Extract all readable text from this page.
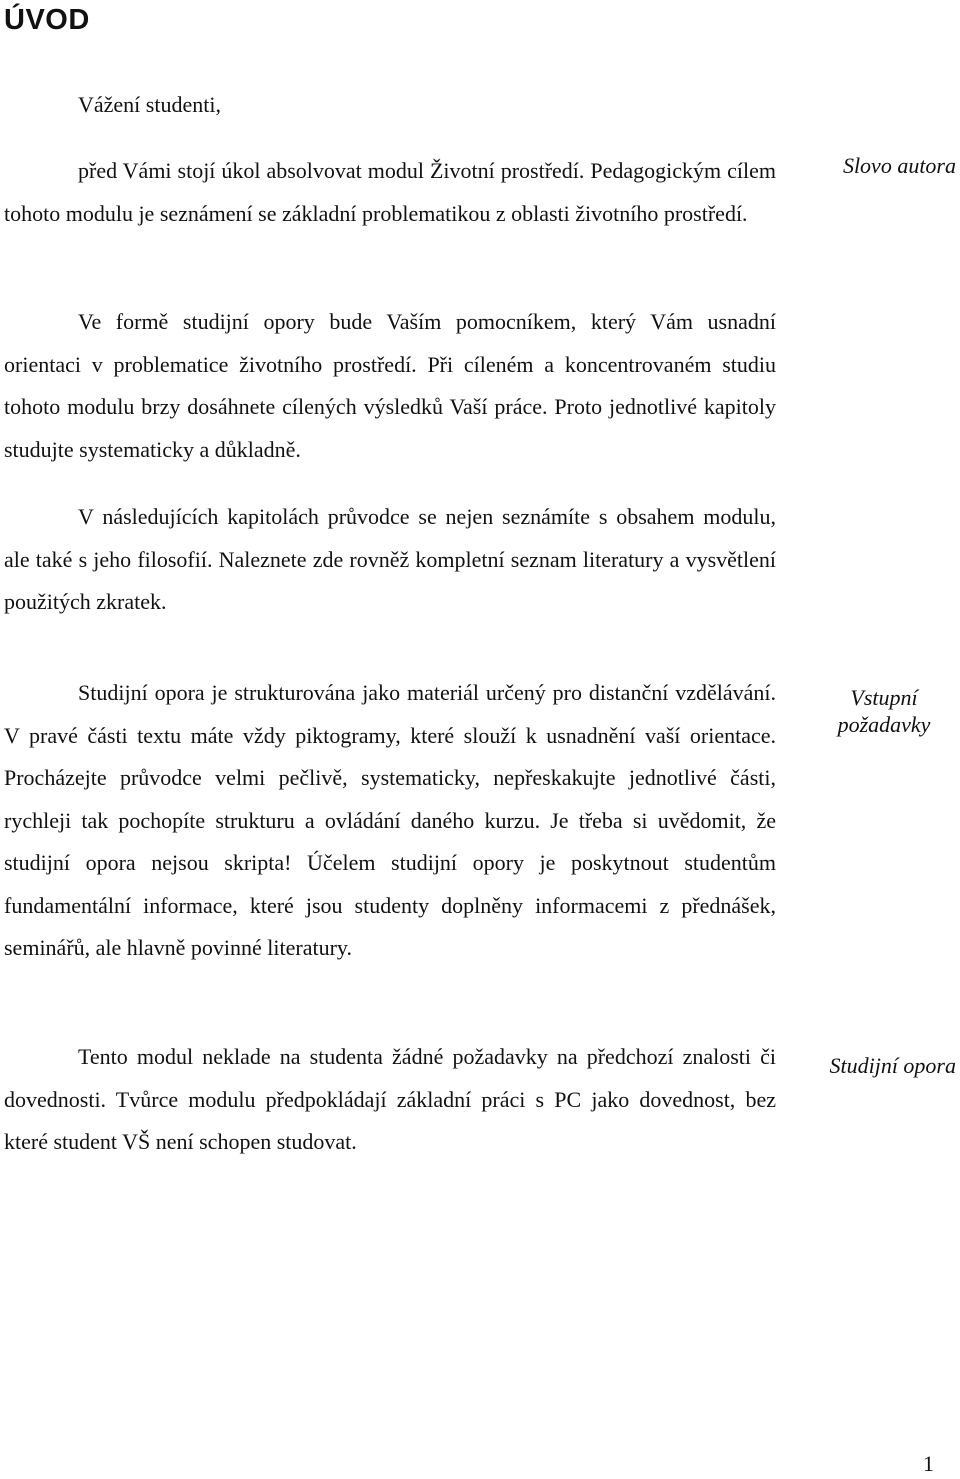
ÚVOD

Vážení studenti,

před Vámi stojí úkol absolvovat modul Životní prostředí. Pedagogickým cílem tohoto modulu je seznámení se základní problematikou z oblasti životního prostředí.

Ve formě studijní opory bude Vaším pomocníkem, který Vám usnadní orientaci v problematice životního prostředí. Při cíleném a koncentrovaném studiu tohoto modulu brzy dosáhnete cílených výsledků Vaší práce. Proto jednotlivé kapitoly studujte systematicky a důkladně.

V následujících kapitolách průvodce se nejen seznámíte s obsahem modulu, ale také s jeho filosofií. Naleznete zde rovněž kompletní seznam literatury a vysvětlení použitých zkratek.

Studijní opora je strukturována jako materiál určený pro distanční vzdělávání. V pravé části textu máte vždy piktogramy, které slouží k usnadnění vaší orientace. Procházejte průvodce velmi pečlivě, systematicky, nepřeskakujte jednotlivé části, rychleji tak pochopíte strukturu a ovládání daného kurzu. Je třeba si uvědomit, že studijní opora nejsou skripta! Účelem studijní opory je poskytnout studentům fundamentální informace, které jsou studenty doplněny informacemi z přednášek, seminářů, ale hlavně povinné literatury.

Tento modul neklade na studenta žádné požadavky na předchozí znalosti či dovednosti. Tvůrce modulu předpokládají základní práci s PC jako dovednost, bez které student VŠ není schopen studovat.

Slovo autora

Vstupní požadavky

Studijní opora

1
